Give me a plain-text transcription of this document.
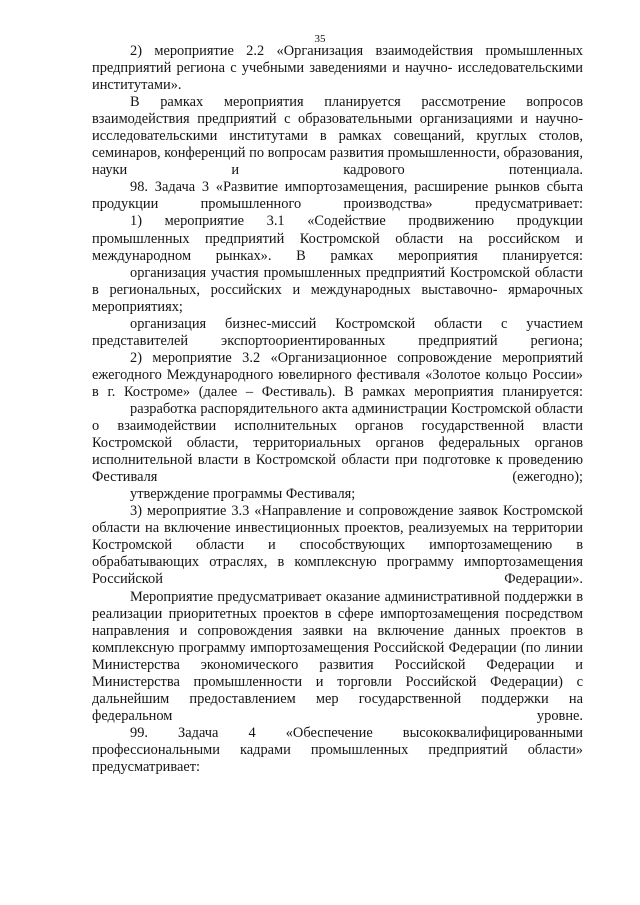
35

2) мероприятие 2.2 «Организация взаимодействия промышленных предприятий региона с учебными заведениями и научно- исследовательскими институтами».

В рамках мероприятия планируется рассмотрение вопросов взаимодействия предприятий с образовательными организациями и научно-исследовательскими институтами в рамках совещаний, круглых столов, семинаров, конференций по вопросам развития промышленности, образования, науки и кадрового потенциала.

98. Задача 3 «Развитие импортозамещения, расширение рынков сбыта продукции промышленного производства» предусматривает:

1) мероприятие 3.1 «Содействие продвижению продукции промышленных предприятий Костромской области на российском и международном рынках». В рамках мероприятия планируется:

организация участия промышленных предприятий Костромской области в региональных, российских и международных выставочно- ярмарочных мероприятиях;

организация бизнес-миссий Костромской области с участием представителей экспортоориентированных предприятий региона;

2) мероприятие 3.2 «Организационное сопровождение мероприятий ежегодного Международного ювелирного фестиваля «Золотое кольцо России» в г. Костроме» (далее – Фестиваль). В рамках мероприятия планируется:

разработка распорядительного акта администрации Костромской области о взаимодействии исполнительных органов государственной власти Костромской области, территориальных органов федеральных органов исполнительной власти в Костромской области при подготовке к проведению Фестиваля (ежегодно);

утверждение программы Фестиваля;

3) мероприятие 3.3 «Направление и сопровождение заявок Костромской области на включение инвестиционных проектов, реализуемых на территории Костромской области и способствующих импортозамещению в обрабатывающих отраслях, в комплексную программу импортозамещения Российской Федерации».

Мероприятие предусматривает оказание административной поддержки в реализации приоритетных проектов в сфере импортозамещения посредством направления и сопровождения заявки на включение данных проектов в комплексную программу импортозамещения Российской Федерации (по линии Министерства экономического развития Российской Федерации и Министерства промышленности и торговли Российской Федерации) с дальнейшим предоставлением мер государственной поддержки на федеральном уровне.

99. Задача 4 «Обеспечение высококвалифицированными профессиональными кадрами промышленных предприятий области» предусматривает:
